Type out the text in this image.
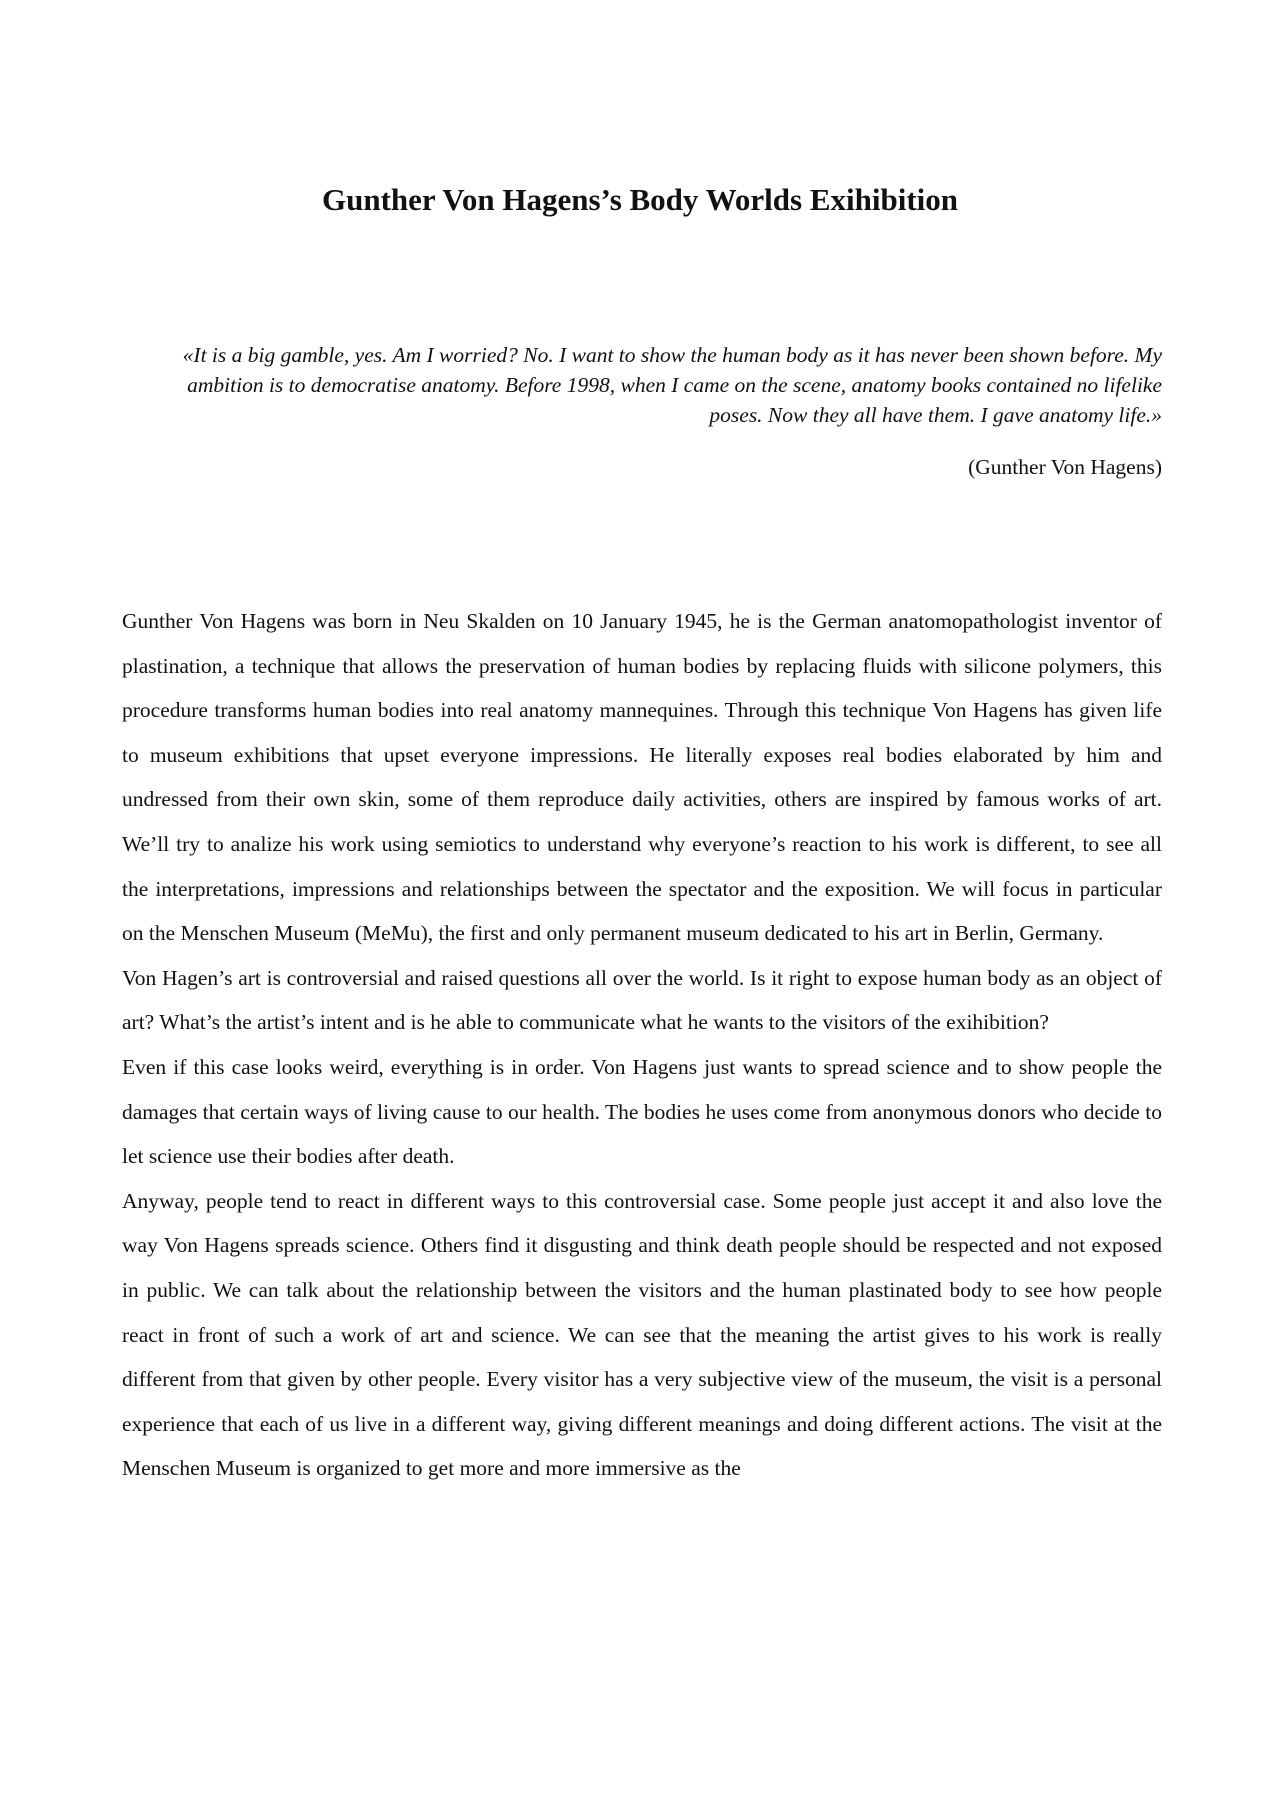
Gunther Von Hagens’s Body Worlds Exihibition

«It is a big gamble, yes. Am I worried? No. I want to show the human body as it has never been shown before. My ambition is to democratise anatomy. Before 1998, when I came on the scene, anatomy books contained no lifelike poses. Now they all have them. I gave anatomy life.»

(Gunther Von Hagens)

Gunther Von Hagens was born in Neu Skalden on 10 January 1945, he is the German anatomopathologist inventor of plastination, a technique that allows the preservation of human bodies by replacing fluids with silicone polymers, this procedure transforms human bodies into real anatomy mannequines. Through this technique Von Hagens has given life to museum exhibitions that upset everyone impressions. He literally exposes real bodies elaborated by him and undressed from their own skin, some of them reproduce daily activities, others are inspired by famous works of art. We’ll try to analize his work using semiotics to understand why everyone’s reaction to his work is different, to see all the interpretations, impressions and relationships between the spectator and the exposition. We will focus in particular on the Menschen Museum (MeMu), the first and only permanent museum dedicated to his art in Berlin, Germany.

Von Hagen’s art is controversial and raised questions all over the world. Is it right to expose human body as an object of art? What’s the artist’s intent and is he able to communicate what he wants to the visitors of the exihibition?

Even if this case looks weird, everything is in order. Von Hagens just wants to spread science and to show people the damages that certain ways of living cause to our health. The bodies he uses come from anonymous donors who decide to let science use their bodies after death.

Anyway, people tend to react in different ways to this controversial case. Some people just accept it and also love the way Von Hagens spreads science. Others find it disgusting and think death people should be respected and not exposed in public. We can talk about the relationship between the visitors and the human plastinated body to see how people react in front of such a work of art and science. We can see that the meaning the artist gives to his work is really different from that given by other people. Every visitor has a very subjective view of the museum, the visit is a personal experience that each of us live in a different way, giving different meanings and doing different actions. The visit at the Menschen Museum is organized to get more and more immersive as the
